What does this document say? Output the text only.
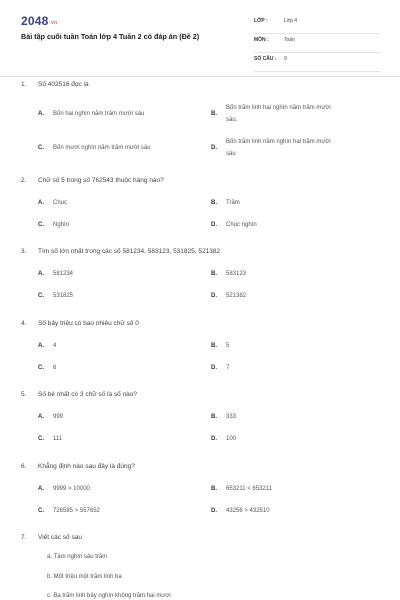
2048.vn
Bài tập cuối tuần Toán lớp 4 Tuần 2 có đáp án (Đề 2)
LỚP :	Lớp 4
MÔN :	Toán
SỐ CÂU :	9
1. Số 402516 đọc là
A. Bốn hai nghìn năm trăm mười sáu	B.
Bốn trăm linh hai nghìn năm trăm mười
sáu.
C. Bốn mươi nghìn năm trăm mười sáu	D.
Bốn trăm linh năm nghìn hai trăm mười
sáu
2. Chữ số 5 trong số 762543 thuộc hàng nào?
A. Chục	B. Trăm
C. Nghìn	D. Chục nghìn
3. Tìm số lớn nhất trong các số 581234, 583123, 531825, 521382
A. 581234	B. 583123
C. 531825	D. 521382
4. Số bảy triệu có bao nhiêu chữ số 0
A. 4	B. 5
C. 6	D. 7
5. Số bé nhất có 3 chữ số là số nào?
A. 999	B. 333
C. 111	D. 100
6. Khẳng định nào sau đây là đúng?
A. 9999 > 10000	B. 653211 < 653211
C. 726585 > 557652	D. 43256 > 432510
7. Viết các số sau
a. Tám nghìn sáu trăm
b. Một triệu một trăm linh ba
c. Ba trăm linh bảy nghìn không trăm hai mươi
